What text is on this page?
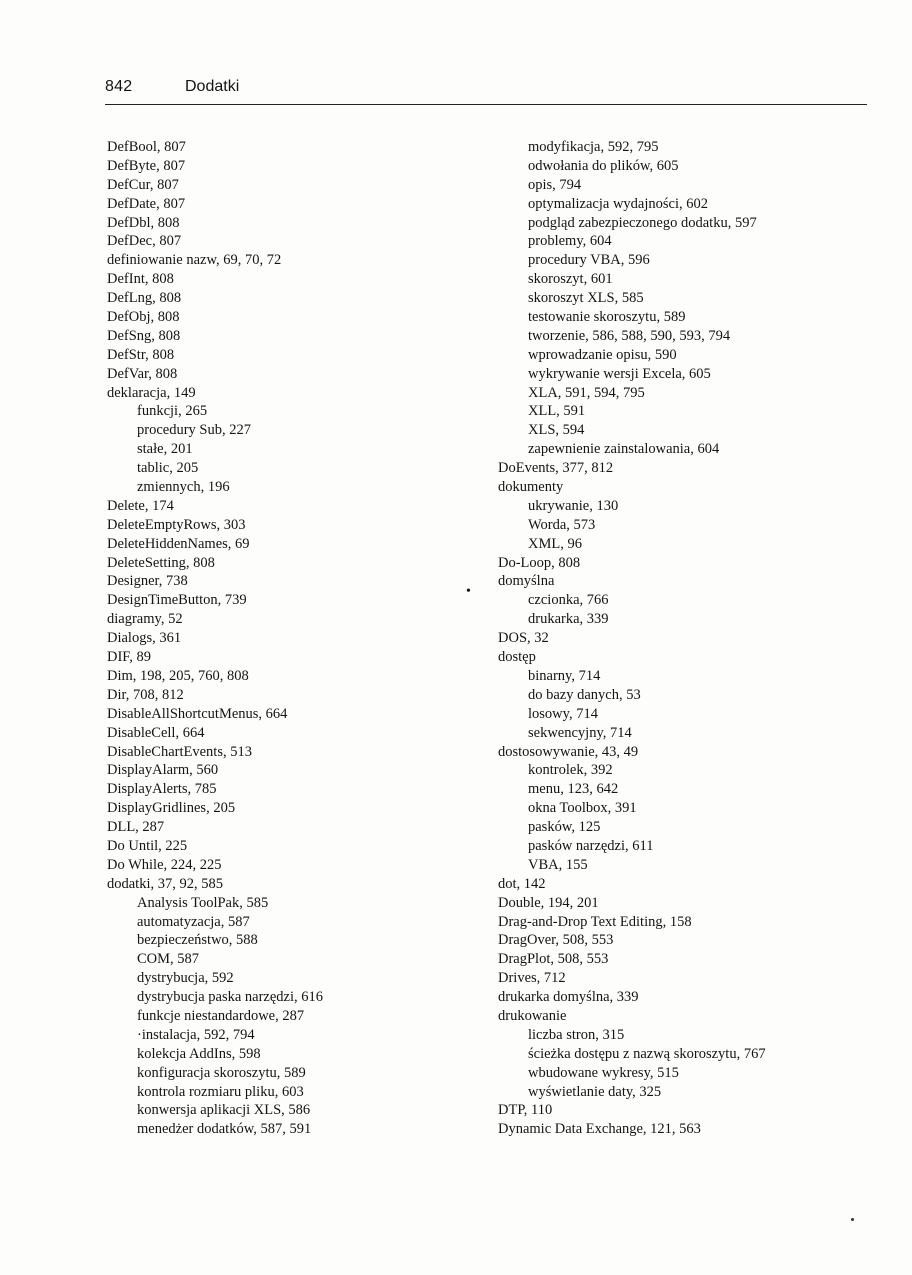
842	Dodatki
DefBool, 807
DefByte, 807
DefCur, 807
DefDate, 807
DefDbl, 808
DefDec, 807
definiowanie nazw, 69, 70, 72
DefInt, 808
DefLng, 808
DefObj, 808
DefSng, 808
DefStr, 808
DefVar, 808
deklaracja, 149
funkcji, 265
procedury Sub, 227
stałe, 201
tablic, 205
zmiennych, 196
Delete, 174
DeleteEmptyRows, 303
DeleteHiddenNames, 69
DeleteSetting, 808
Designer, 738
DesignTimeButton, 739
diagramy, 52
Dialogs, 361
DIF, 89
Dim, 198, 205, 760, 808
Dir, 708, 812
DisableAllShortcutMenus, 664
DisableCell, 664
DisableChartEvents, 513
DisplayAlarm, 560
DisplayAlerts, 785
DisplayGridlines, 205
DLL, 287
Do Until, 225
Do While, 224, 225
dodatki, 37, 92, 585
Analysis ToolPak, 585
automatyzacja, 587
bezpieczeństwo, 588
COM, 587
dystrybucja, 592
dystrybucja paska narzędzi, 616
funkcje niestandardowe, 287
·instalacja, 592, 794
kolekcja AddIns, 598
konfiguracja skoroszytu, 589
kontrola rozmiaru pliku, 603
konwersja aplikacji XLS, 586
menedżer dodatków, 587, 591
modyfikacja, 592, 795
odwołania do plików, 605
opis, 794
optymalizacja wydajności, 602
podgląd zabezpieczonego dodatku, 597
problemy, 604
procedury VBA, 596
skoroszyt, 601
skoroszyt XLS, 585
testowanie skoroszytu, 589
tworzenie, 586, 588, 590, 593, 794
wprowadzanie opisu, 590
wykrywanie wersji Excela, 605
XLA, 591, 594, 795
XLL, 591
XLS, 594
zapewnienie zainstalowania, 604
DoEvents, 377, 812
dokumenty
ukrywanie, 130
Worda, 573
XML, 96
Do-Loop, 808
domyślna
czcionka, 766
drukarka, 339
DOS, 32
dostęp
binarny, 714
do bazy danych, 53
losowy, 714
sekwencyjny, 714
dostosowywanie, 43, 49
kontrolek, 392
menu, 123, 642
okna Toolbox, 391
pasków, 125
pasków narzędzi, 611
VBA, 155
dot, 142
Double, 194, 201
Drag-and-Drop Text Editing, 158
DragOver, 508, 553
DragPlot, 508, 553
Drives, 712
drukarka domyślna, 339
drukowanie
liczba stron, 315
ścieżka dostępu z nazwą skoroszytu, 767
wbudowane wykresy, 515
wyświetlanie daty, 325
DTP, 110
Dynamic Data Exchange, 121, 563
•
